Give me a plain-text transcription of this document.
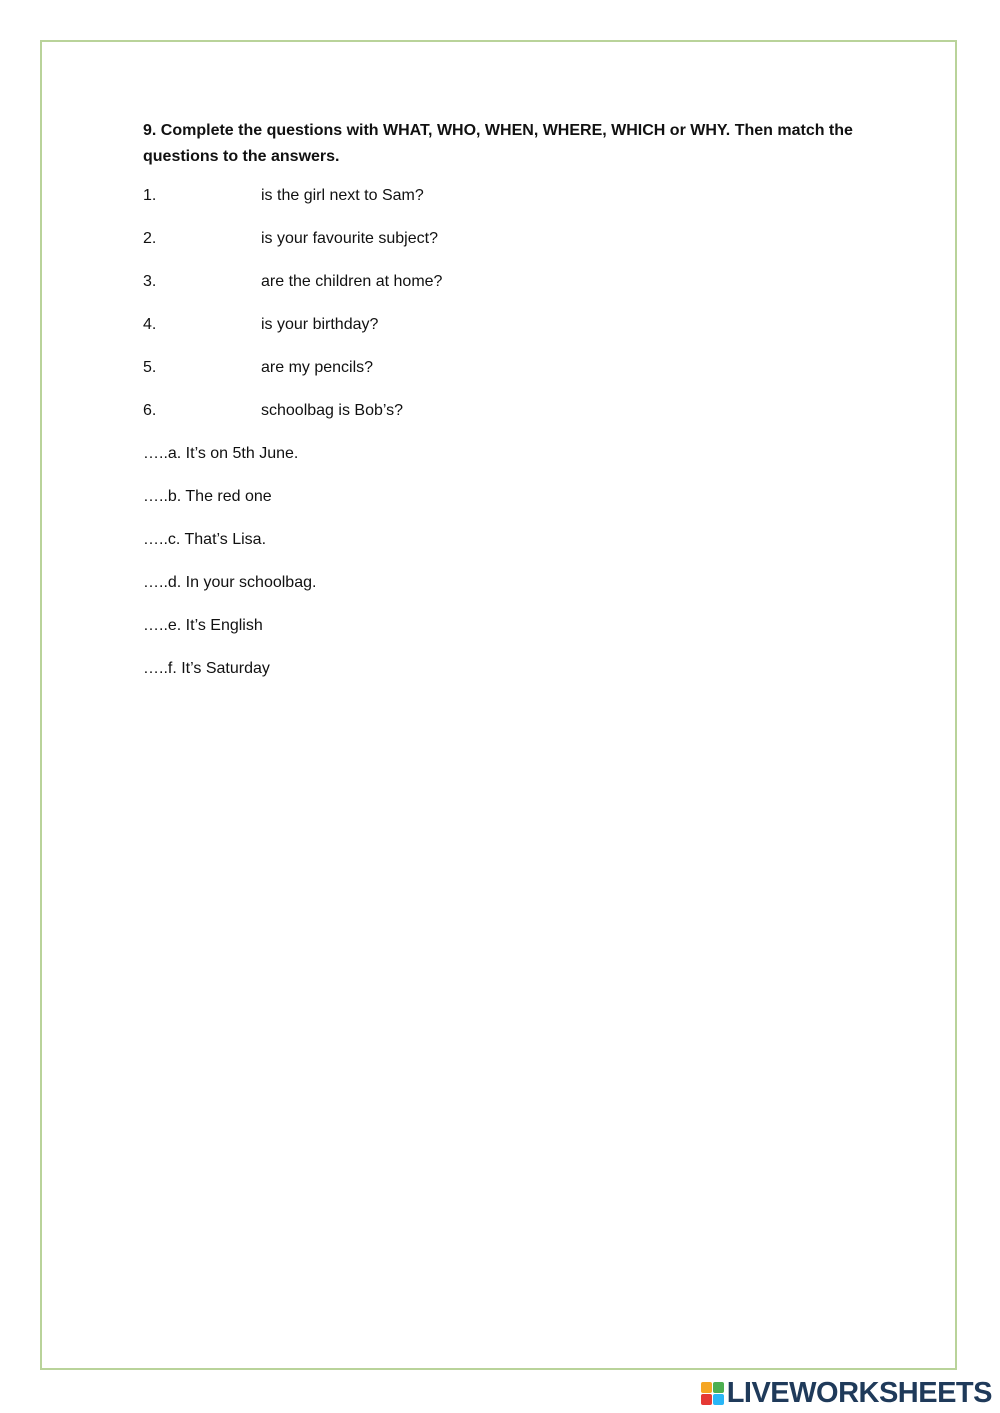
9. Complete the questions with WHAT, WHO, WHEN, WHERE, WHICH or WHY. Then match the questions to the answers.

1.	is the girl next to Sam?
2.	is your favourite subject?
3.	are the children at home?
4.	is your birthday?
5.	are my pencils?
6.	schoolbag is Bob’s?
…..a. It’s on 5th June.
…..b. The red one
…..c. That’s Lisa.
…..d. In your schoolbag.
…..e. It’s English
…..f. It’s Saturday
LIVEWORKSHEETS
